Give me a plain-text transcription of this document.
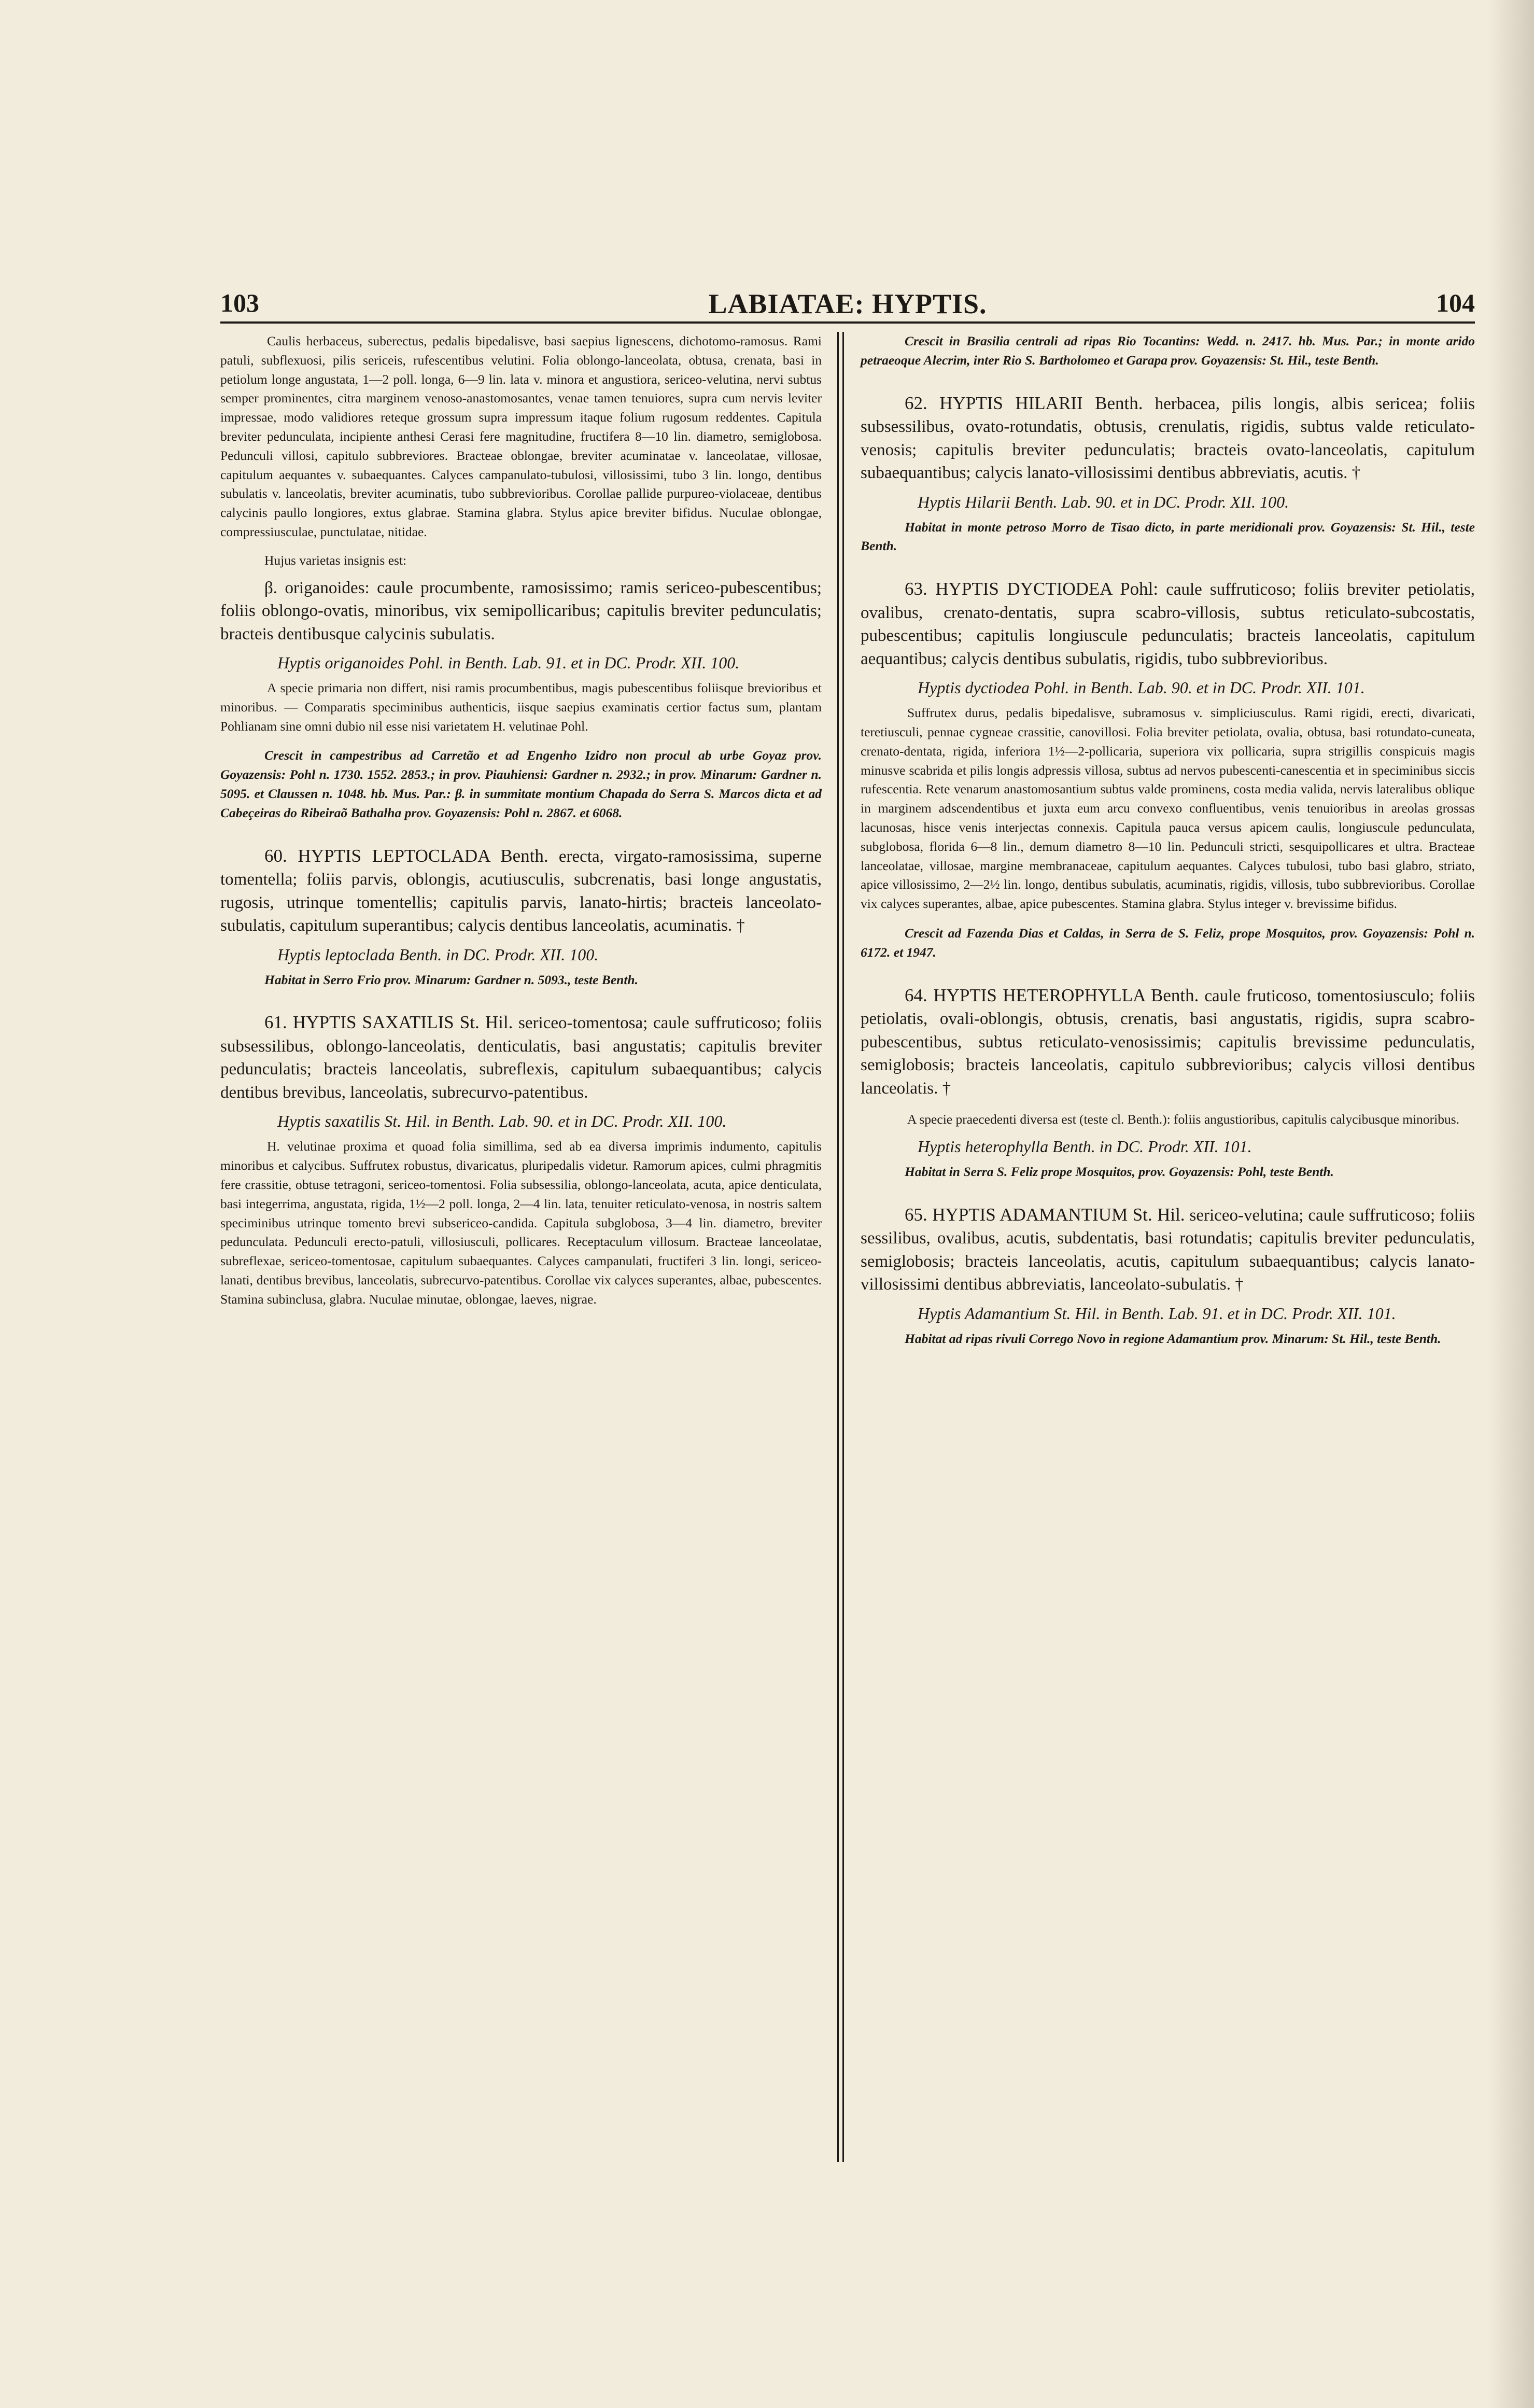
103	LABIATAE: HYPTIS.	104

Caulis herbaceus, suberectus, pedalis bipedalisve, basi saepius lignescens, dichotomo-ramosus. Rami patuli, subflexuosi, pilis sericeis, rufescentibus velutini. Folia oblongo-lanceolata, obtusa, crenata, basi in petiolum longe angustata, 1—2 poll. longa, 6—9 lin. lata v. minora et angustiora, sericeo-velutina, nervi subtus semper prominentes, citra marginem venoso-anastomosantes, venae tamen tenuiores, supra cum nervis leviter impressae, modo validiores reteque grossum supra impressum itaque folium rugosum reddentes. Capitula breviter pedunculata, incipiente anthesi Cerasi fere magnitudine, fructifera 8—10 lin. diametro, semiglobosa. Pedunculi villosi, capitulo subbreviores. Bracteae oblongae, breviter acuminatae v. lanceolatae, villosae, capitulum aequantes v. subaequantes. Calyces campanulato-tubulosi, villosissimi, tubo 3 lin. longo, dentibus subulatis v. lanceolatis, breviter acuminatis, tubo subbrevioribus. Corollae pallide purpureo-violaceae, dentibus calycinis paullo longiores, extus glabrae. Stamina glabra. Stylus apice breviter bifidus. Nuculae oblongae, compressiusculae, punctulatae, nitidae.

Hujus varietas insignis est:

β. origanoides: caule procumbente, ramosissimo; ramis sericeo-pubescentibus; foliis oblongo-ovatis, minoribus, vix semipollicaribus; capitulis breviter pedunculatis; bracteis dentibusque calycinis subulatis.

Hyptis origanoides Pohl. in Benth. Lab. 91. et in DC. Prodr. XII. 100.

A specie primaria non differt, nisi ramis procumbentibus, magis pubescentibus foliisque brevioribus et minoribus. — Comparatis speciminibus authenticis, iisque saepius examinatis certior factus sum, plantam Pohlianam sine omni dubio nil esse nisi varietatem H. velutinae Pohl.

Crescit in campestribus ad Carretão et ad Engenho Izidro non procul ab urbe Goyaz prov. Goyazensis: Pohl n. 1730. 1552. 2853.; in prov. Piauhiensi: Gardner n. 2932.; in prov. Minarum: Gardner n. 5095. et Claussen n. 1048. hb. Mus. Par.: β. in summitate montium Chapada do Serra S. Marcos dicta et ad Cabeçeiras do Ribeiraõ Bathalha prov. Goyazensis: Pohl n. 2867. et 6068.

60. HYPTIS LEPTOCLADA Benth. erecta, virgato-ramosissima, superne tomentella; foliis parvis, oblongis, acutiusculis, subcrenatis, basi longe angustatis, rugosis, utrinque tomentellis; capitulis parvis, lanato-hirtis; bracteis lanceolato-subulatis, capitulum superantibus; calycis dentibus lanceolatis, acuminatis. †

Hyptis leptoclada Benth. in DC. Prodr. XII. 100.

Habitat in Serro Frio prov. Minarum: Gardner n. 5093., teste Benth.

61. HYPTIS SAXATILIS St. Hil. sericeo-tomentosa; caule suffruticoso; foliis subsessilibus, oblongo-lanceolatis, denticulatis, basi angustatis; capitulis breviter pedunculatis; bracteis lanceolatis, subreflexis, capitulum subaequantibus; calycis dentibus brevibus, lanceolatis, subrecurvo-patentibus.

Hyptis saxatilis St. Hil. in Benth. Lab. 90. et in DC. Prodr. XII. 100.

H. velutinae proxima et quoad folia simillima, sed ab ea diversa imprimis indumento, capitulis minoribus et calycibus. Suffrutex robustus, divaricatus, pluripedalis videtur. Ramorum apices, culmi phragmitis fere crassitie, obtuse tetragoni, sericeo-tomentosi. Folia subsessilia, oblongo-lanceolata, acuta, apice denticulata, basi integerrima, angustata, rigida, 1½—2 poll. longa, 2—4 lin. lata, tenuiter reticulato-venosa, in nostris saltem speciminibus utrinque tomento brevi subsericeo-candida. Capitula subglobosa, 3—4 lin. diametro, breviter pedunculata. Pedunculi erecto-patuli, villosiusculi, pollicares. Receptaculum villosum. Bracteae lanceolatae, subreflexae, sericeo-tomentosae, capitulum subaequantes. Calyces campanulati, fructiferi 3 lin. longi, sericeo-lanati, dentibus brevibus, lanceolatis, subrecurvo-patentibus. Corollae vix calyces superantes, albae, pubescentes. Stamina subinclusa, glabra. Nuculae minutae, oblongae, laeves, nigrae.

Crescit in Brasilia centrali ad ripas Rio Tocantins: Wedd. n. 2417. hb. Mus. Par.; in monte arido petraeoque Alecrim, inter Rio S. Bartholomeo et Garapa prov. Goyazensis: St. Hil., teste Benth.

62. HYPTIS HILARII Benth. herbacea, pilis longis, albis sericea; foliis subsessilibus, ovato-rotundatis, obtusis, crenulatis, rigidis, subtus valde reticulato-venosis; capitulis breviter pedunculatis; bracteis ovato-lanceolatis, capitulum subaequantibus; calycis lanato-villosissimi dentibus abbreviatis, acutis. †

Hyptis Hilarii Benth. Lab. 90. et in DC. Prodr. XII. 100.

Habitat in monte petroso Morro de Tisao dicto, in parte meridionali prov. Goyazensis: St. Hil., teste Benth.

63. HYPTIS DYCTIODEA Pohl: caule suffruticoso; foliis breviter petiolatis, ovalibus, crenato-dentatis, supra scabro-villosis, subtus reticulato-subcostatis, pubescentibus; capitulis longiuscule pedunculatis; bracteis lanceolatis, capitulum aequantibus; calycis dentibus subulatis, rigidis, tubo subbrevioribus.

Hyptis dyctiodea Pohl. in Benth. Lab. 90. et in DC. Prodr. XII. 101.

Suffrutex durus, pedalis bipedalisve, subramosus v. simpliciusculus. Rami rigidi, erecti, divaricati, teretiusculi, pennae cygneae crassitie, canovillosi. Folia breviter petiolata, ovalia, obtusa, basi rotundato-cuneata, crenato-dentata, rigida, inferiora 1½—2-pollicaria, superiora vix pollicaria, supra strigillis conspicuis magis minusve scabrida et pilis longis adpressis villosa, subtus ad nervos pubescenti-canescentia et in speciminibus siccis rufescentia. Rete venarum anastomosantium subtus valde prominens, costa media valida, nervis lateralibus oblique in marginem adscendentibus et juxta eum arcu convexo confluentibus, venis tenuioribus in areolas grossas lacunosas, hisce venis interjectas connexis. Capitula pauca versus apicem caulis, longiuscule pedunculata, subglobosa, florida 6—8 lin., demum diametro 8—10 lin. Pedunculi stricti, sesquipollicares et ultra. Bracteae lanceolatae, villosae, margine membranaceae, capitulum aequantes. Calyces tubulosi, tubo basi glabro, striato, apice villosissimo, 2—2½ lin. longo, dentibus subulatis, acuminatis, rigidis, villosis, tubo subbrevioribus. Corollae vix calyces superantes, albae, apice pubescentes. Stamina glabra. Stylus integer v. brevissime bifidus.

Crescit ad Fazenda Dias et Caldas, in Serra de S. Feliz, prope Mosquitos, prov. Goyazensis: Pohl n. 6172. et 1947.

64. HYPTIS HETEROPHYLLA Benth. caule fruticoso, tomentosiusculo; foliis petiolatis, ovali-oblongis, obtusis, crenatis, basi angustatis, rigidis, supra scabro-pubescentibus, subtus reticulato-venosissimis; capitulis brevissime pedunculatis, semiglobosis; bracteis lanceolatis, capitulo subbrevioribus; calycis villosi dentibus lanceolatis. †

A specie praecedenti diversa est (teste cl. Benth.): foliis angustioribus, capitulis calycibusque minoribus.

Hyptis heterophylla Benth. in DC. Prodr. XII. 101.

Habitat in Serra S. Feliz prope Mosquitos, prov. Goyazensis: Pohl, teste Benth.

65. HYPTIS ADAMANTIUM St. Hil. sericeo-velutina; caule suffruticoso; foliis sessilibus, ovalibus, acutis, subdentatis, basi rotundatis; capitulis breviter pedunculatis, semiglobosis; bracteis lanceolatis, acutis, capitulum subaequantibus; calycis lanato-villosissimi dentibus abbreviatis, lanceolato-subulatis. †

Hyptis Adamantium St. Hil. in Benth. Lab. 91. et in DC. Prodr. XII. 101.

Habitat ad ripas rivuli Corrego Novo in regione Adamantium prov. Minarum: St. Hil., teste Benth.
